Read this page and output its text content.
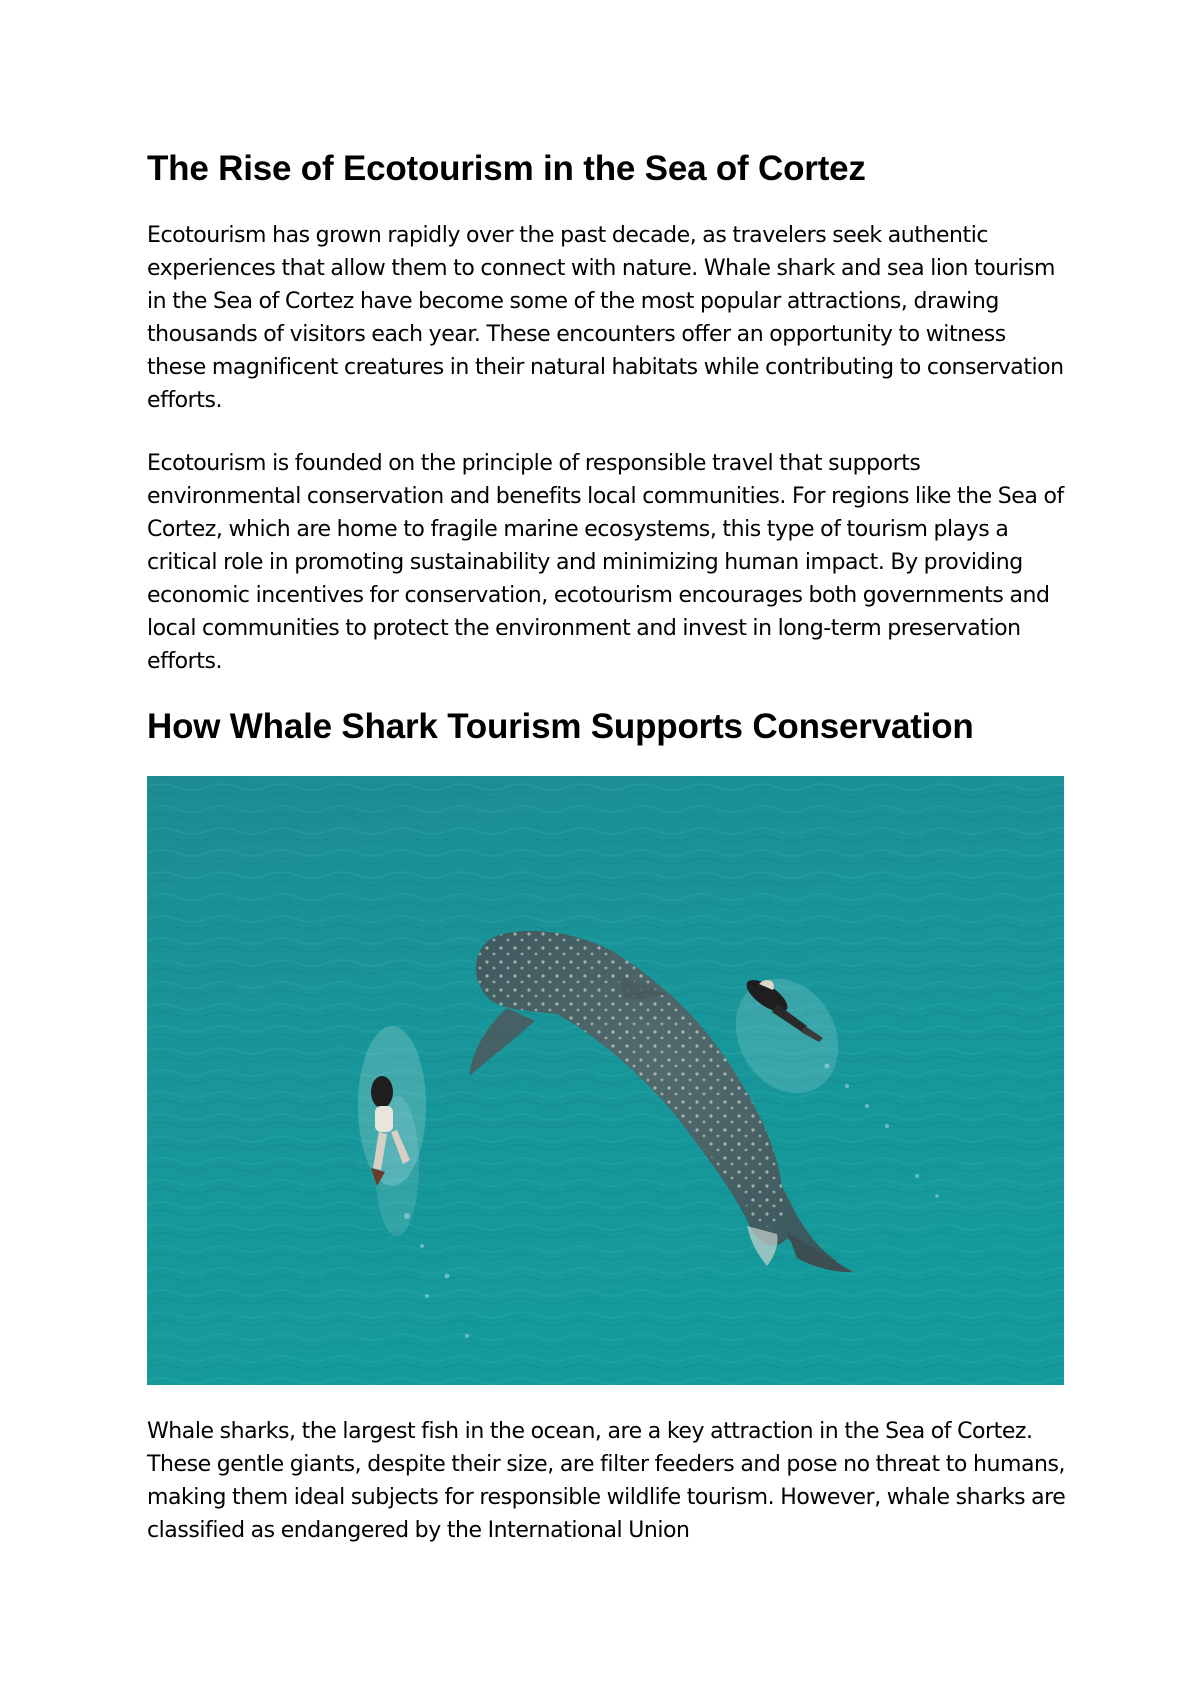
The Rise of Ecotourism in the Sea of Cortez

Ecotourism has grown rapidly over the past decade, as travelers seek authentic experiences that allow them to connect with nature. Whale shark and sea lion tourism in the Sea of Cortez have become some of the most popular attractions, drawing thousands of visitors each year. These encounters offer an opportunity to witness these magnificent creatures in their natural habitats while contributing to conservation efforts.

Ecotourism is founded on the principle of responsible travel that supports environmental conservation and benefits local communities. For regions like the Sea of Cortez, which are home to fragile marine ecosystems, this type of tourism plays a critical role in promoting sustainability and minimizing human impact. By providing economic incentives for conservation, ecotourism encourages both governments and local communities to protect the environment and invest in long-term preservation efforts.

How Whale Shark Tourism Supports Conservation

Whale sharks, the largest fish in the ocean, are a key attraction in the Sea of Cortez. These gentle giants, despite their size, are filter feeders and pose no threat to humans, making them ideal subjects for responsible wildlife tourism. However, whale sharks are classified as endangered by the International Union
